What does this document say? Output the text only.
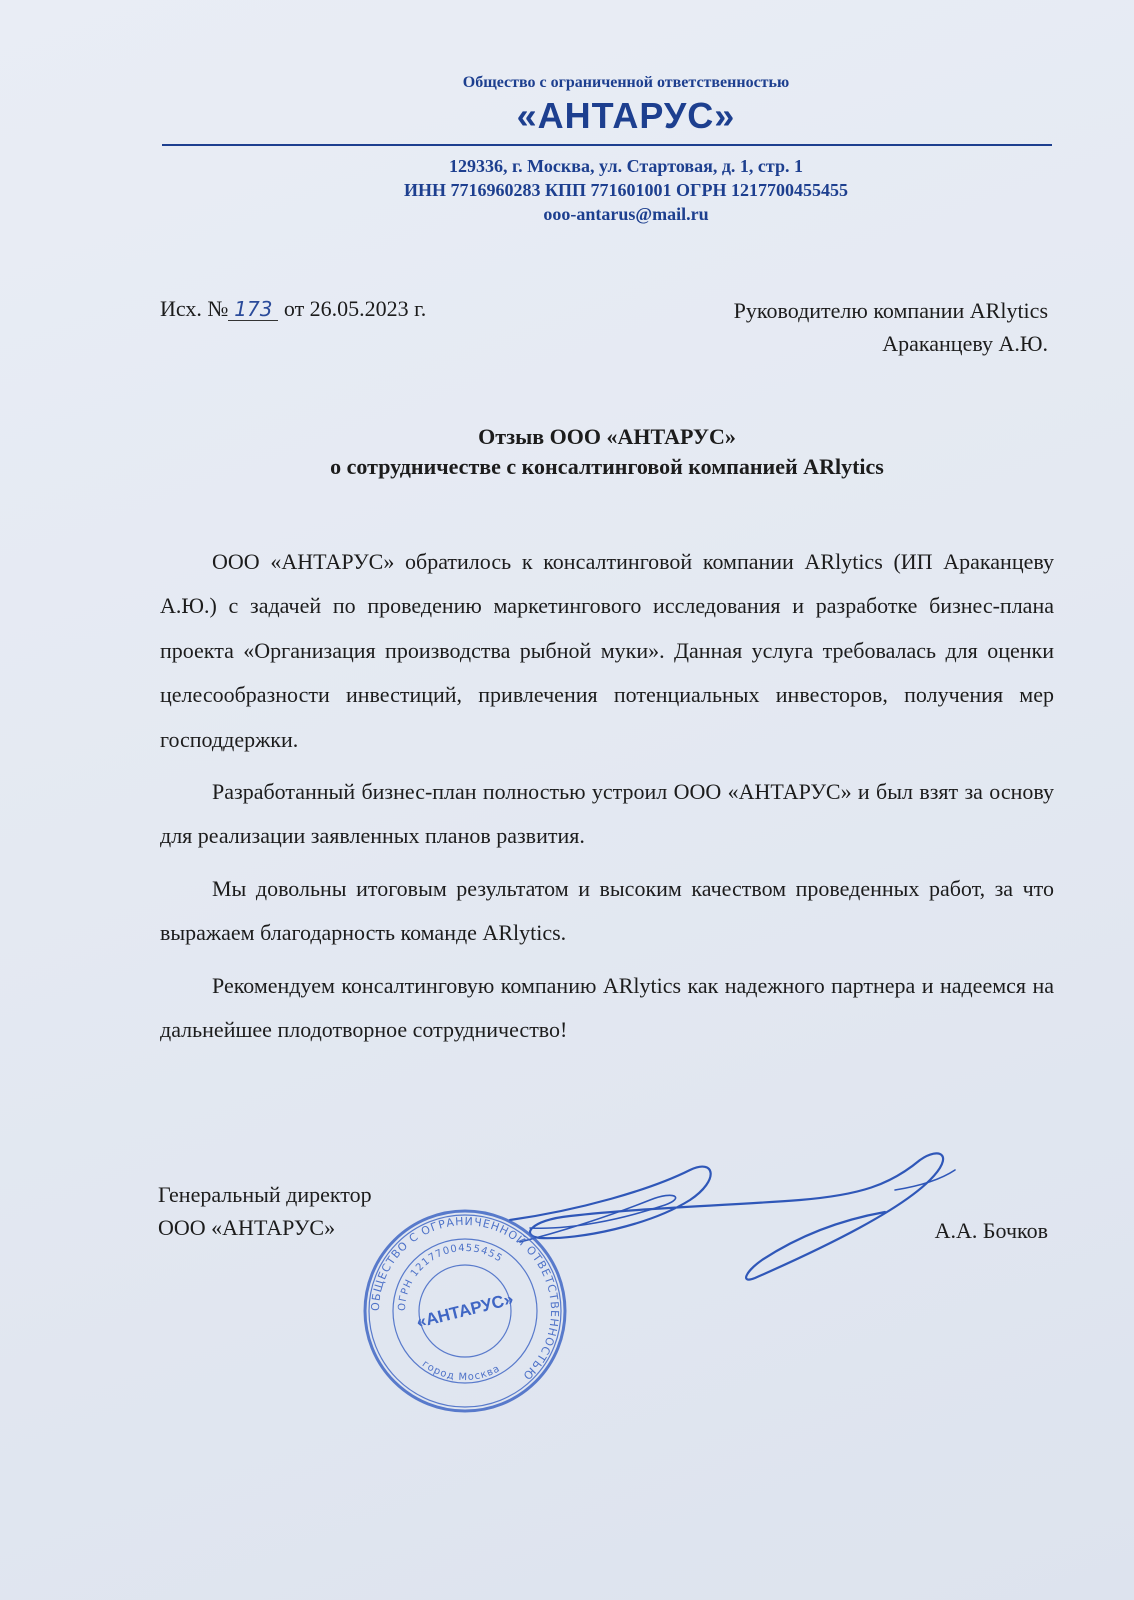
Общество с ограниченной ответственностью
«АНТАРУС»
129336, г. Москва, ул. Стартовая, д. 1, стр. 1
ИНН 7716960283 КПП 771601001 ОГРН 1217700455455
ooo-antarus@mail.ru
Исх. № 173 от 26.05.2023 г.	Руководителю компании ARlytics
Араканцеву А.Ю.
Отзыв ООО «АНТАРУС»
о сотрудничестве с консалтинговой компанией ARlytics

ООО «АНТАРУС» обратилось к консалтинговой компании ARlytics (ИП Араканцеву А.Ю.) с задачей по проведению маркетингового исследования и разработке бизнес-плана проекта «Организация производства рыбной муки». Данная услуга требовалась для оценки целесообразности инвестиций, привлечения потенциальных инвесторов, получения мер господдержки.

Разработанный бизнес-план полностью устроил ООО «АНТАРУС» и был взят за основу для реализации заявленных планов развития.

Мы довольны итоговым результатом и высоким качеством проведенных работ, за что выражаем благодарность команде ARlytics.

Рекомендуем консалтинговую компанию ARlytics как надежного партнера и надеемся на дальнейшее плодотворное сотрудничество!

Генеральный директор
ООО «АНТАРУС»
ОБЩЕСТВО С ОГРАНИЧЕННОЙ ОТВЕТСТВЕННОСТЬЮ
ОГРН 1217700455455
город Москва
«АНТАРУС»
А.А. Бочков
